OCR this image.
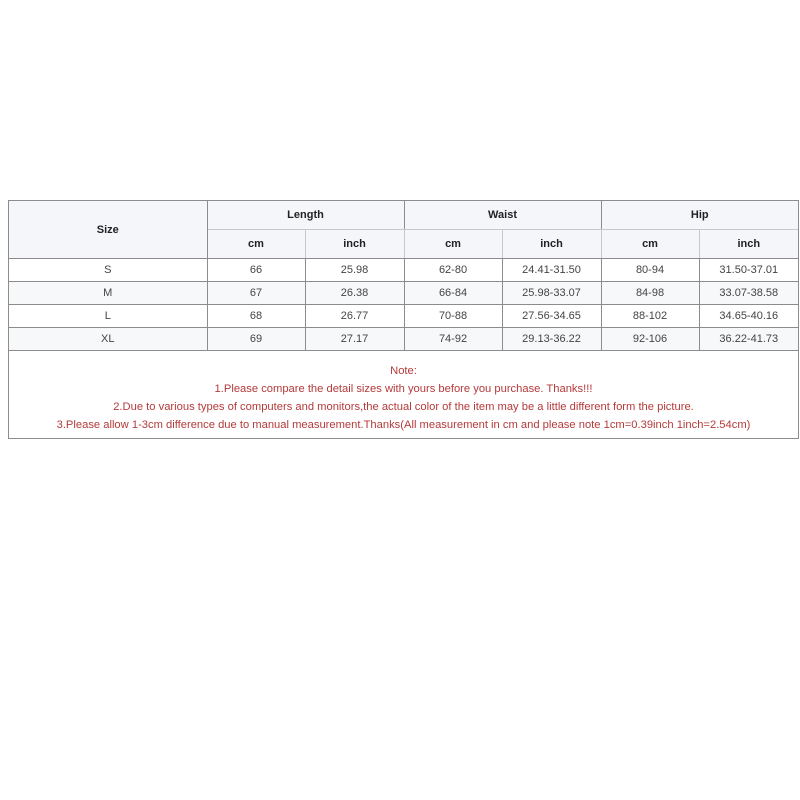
Size	Length		Waist		Hip	
	cm	inch	cm	inch	cm	inch
S	66	25.98	62-80	24.41-31.50	80-94	31.50-37.01
M	67	26.38	66-84	25.98-33.07	84-98	33.07-38.58
L	68	26.77	70-88	27.56-34.65	88-102	34.65-40.16
XL	69	27.17	74-92	29.13-36.22	92-106	36.22-41.73
Note:
1.Please compare the detail sizes with yours before you purchase. Thanks!!!
2.Due to various types of computers and monitors,the actual color of the item may be a little different form the picture.
3.Please allow 1-3cm difference due to manual measurement.Thanks(All measurement in cm and please note 1cm=0.39inch 1inch=2.54cm)
